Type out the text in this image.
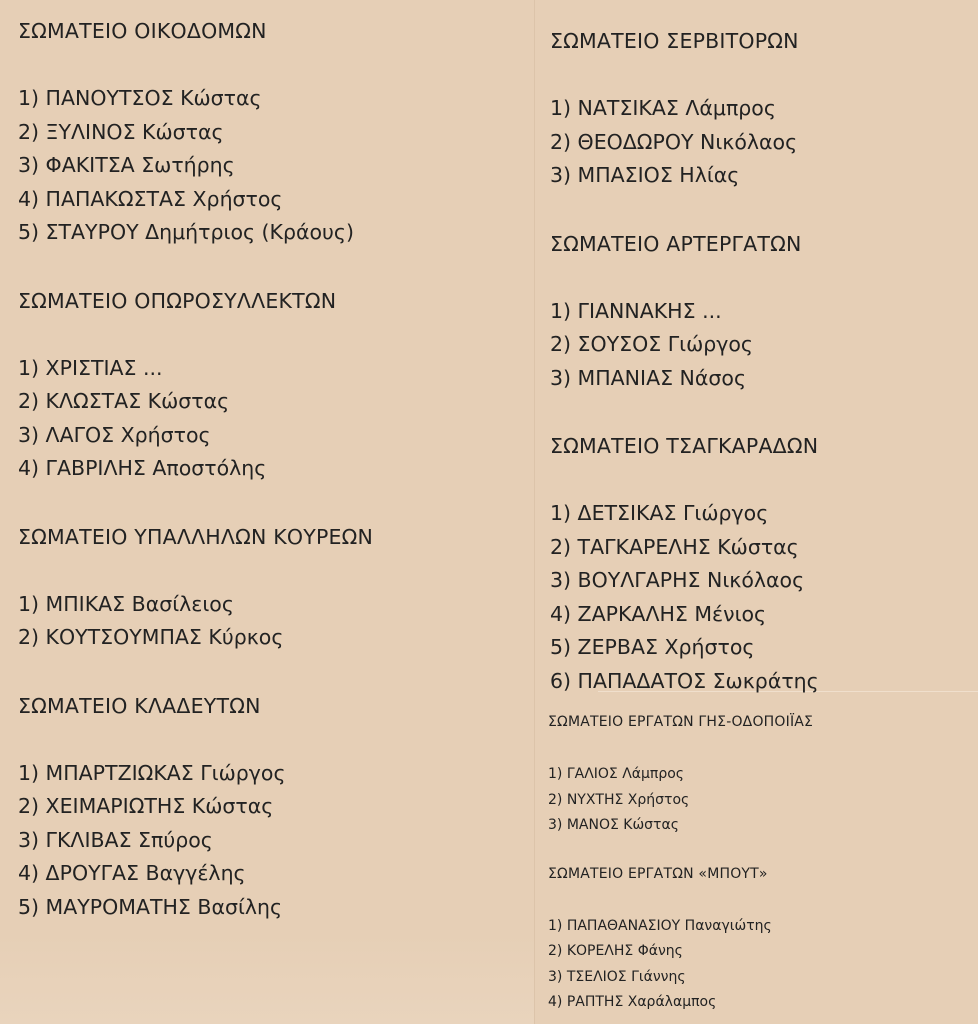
ΣΩΜΑΤΕΙΟ ΟΙΚΟΔΟΜΩΝ
1) ΠΑΝΟΥΤΣΟΣ Κώστας
2) ΞΥΛΙΝΟΣ Κώστας
3) ΦΑΚΙΤΣΑ Σωτήρης
4) ΠΑΠΑΚΩΣΤΑΣ Χρήστος
5) ΣΤΑΥΡΟΥ Δημήτριος (Κράους)
ΣΩΜΑΤΕΙΟ ΟΠΩΡΟΣΥΛΛΕΚΤΩΝ
1) ΧΡΙΣΤΙΑΣ ...
2) ΚΛΩΣΤΑΣ Κώστας
3) ΛΑΓΟΣ Χρήστος
4) ΓΑΒΡΙΛΗΣ Αποστόλης
ΣΩΜΑΤΕΙΟ ΥΠΑΛΛΗΛΩΝ ΚΟΥΡΕΩΝ
1) ΜΠΙΚΑΣ Βασίλειος
2) ΚΟΥΤΣΟΥΜΠΑΣ Κύρκος
ΣΩΜΑΤΕΙΟ ΚΛΑΔΕΥΤΩΝ
1) ΜΠΑΡΤΖΙΩΚΑΣ Γιώργος
2) ΧΕΙΜΑΡΙΩΤΗΣ Κώστας
3) ΓΚΛΙΒΑΣ Σπύρος
4) ΔΡΟΥΓΑΣ Βαγγέλης
5) ΜΑΥΡΟΜΑΤΗΣ Βασίλης
ΣΩΜΑΤΕΙΟ ΣΕΡΒΙΤΟΡΩΝ
1) ΝΑΤΣΙΚΑΣ Λάμπρος
2) ΘΕΟΔΩΡΟΥ Νικόλαος
3) ΜΠΑΣΙΟΣ Ηλίας
ΣΩΜΑΤΕΙΟ ΑΡΤΕΡΓΑΤΩΝ
1) ΓΙΑΝΝΑΚΗΣ ...
2) ΣΟΥΣΟΣ Γιώργος
3) ΜΠΑΝΙΑΣ Νάσος
ΣΩΜΑΤΕΙΟ ΤΣΑΓΚΑΡΑΔΩΝ
1) ΔΕΤΣΙΚΑΣ Γιώργος
2) ΤΑΓΚΑΡΕΛΗΣ Κώστας
3) ΒΟΥΛΓΑΡΗΣ Νικόλαος
4) ΖΑΡΚΑΛΗΣ Μένιος
5) ΖΕΡΒΑΣ Χρήστος
6) ΠΑΠΑΔΑΤΟΣ Σωκράτης
ΣΩΜΑΤΕΙΟ ΕΡΓΑΤΩΝ ΓΗΣ-ΟΔΟΠΟΙΪΑΣ
1) ΓΑΛΙΟΣ Λάμπρος
2) ΝΥΧΤΗΣ Χρήστος
3) ΜΑΝΟΣ Κώστας
ΣΩΜΑΤΕΙΟ ΕΡΓΑΤΩΝ «ΜΠΟΥΤ»
1) ΠΑΠΑΘΑΝΑΣΙΟΥ Παναγιώτης
2) ΚΟΡΕΛΗΣ Φάνης
3) ΤΣΕΛΙΟΣ Γιάννης
4) ΡΑΠΤΗΣ Χαράλαμπος
